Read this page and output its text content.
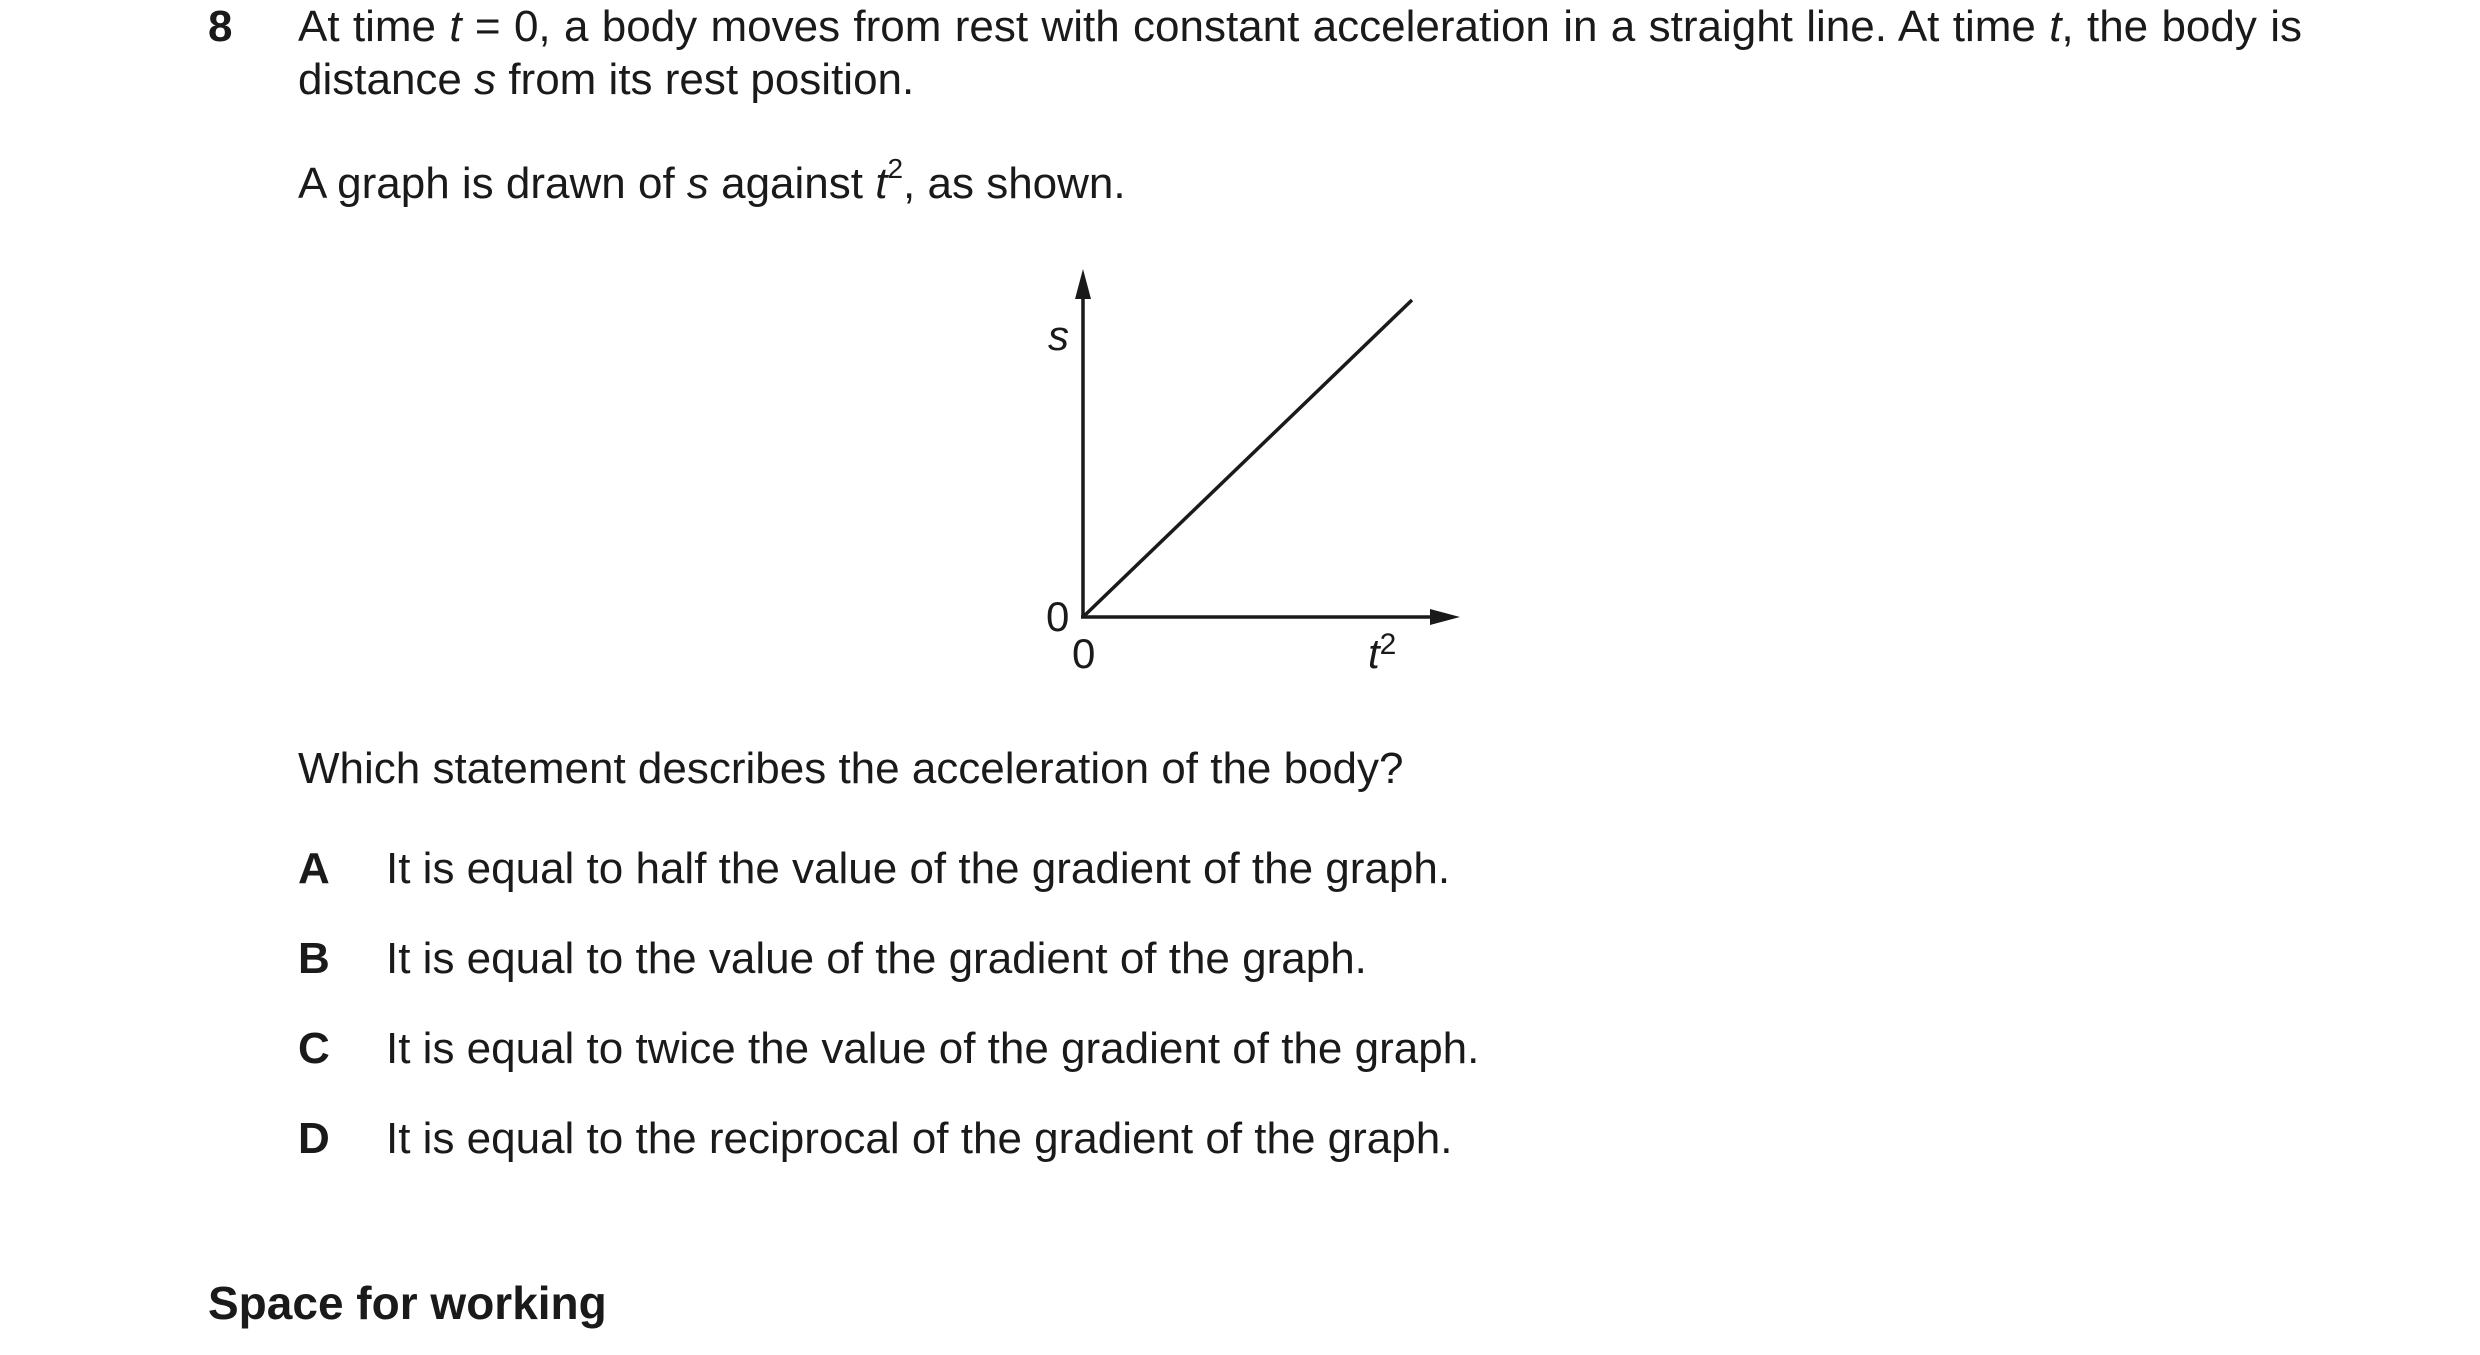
8 At time t = 0, a body moves from rest with constant acceleration in a straight line. At time t, the body is distance s from its rest position.
A graph is drawn of s against $t^2$, as shown.
s
0
0	$t^2$
Which statement describes the acceleration of the body?
A	It is equal to half the value of the gradient of the graph.
B	It is equal to the value of the gradient of the graph.
C	It is equal to twice the value of the gradient of the graph.
D	It is equal to the reciprocal of the gradient of the graph.
Space for working
